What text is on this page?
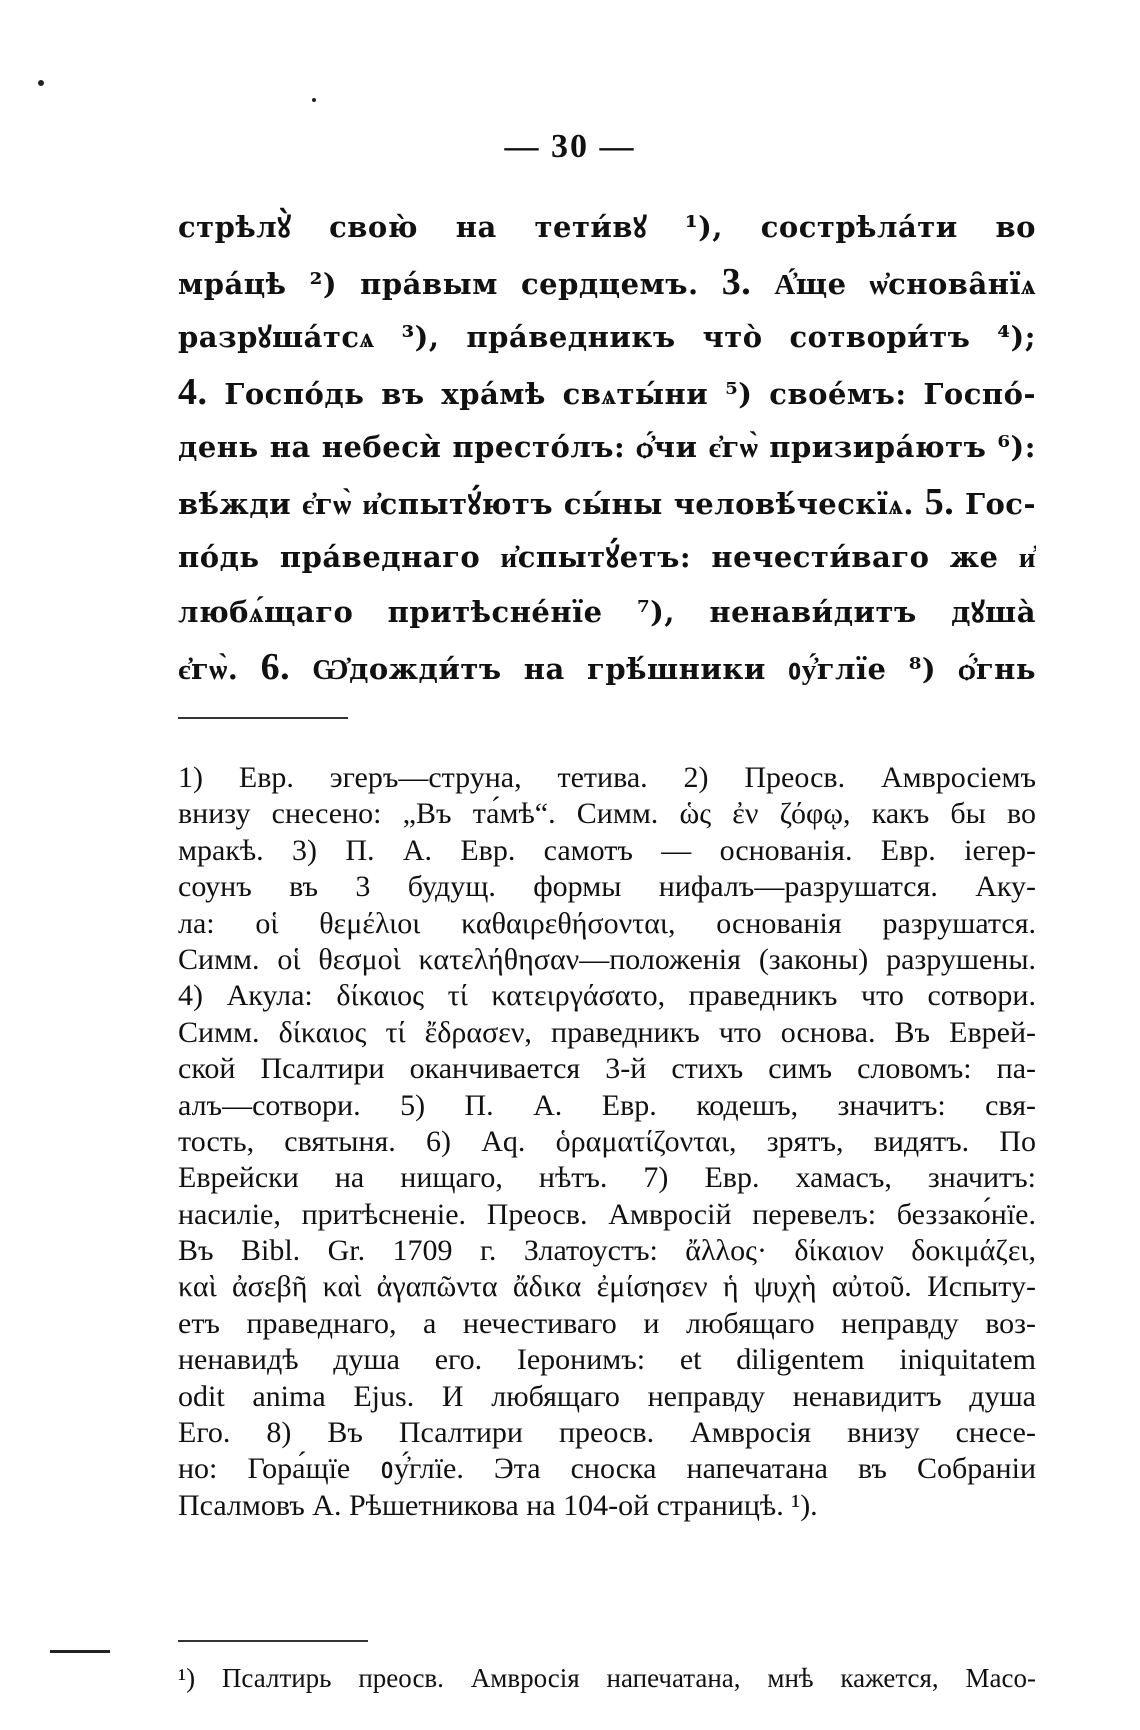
— 30 —
стрѣлꙋ̀ свою̀ на тети́вꙋ ¹), сострѣла́ти во
мра́цѣ ²) пра́вым сердцемъ. 3. А҆́ще ѡ҆снова̑нїѧ
разрꙋша́тсѧ ³), пра́ведникъ что̀ сотвори́тъ ⁴);
4. Госпо́дь въ хра́мѣ свѧты́ни ⁵) свое́мъ: Госпо́-
день на небесѝ престо́лъ: ѻ҆́чи є҆гѡ̀ призира́ютъ ⁶):
вѣ́жди є҆гѡ̀ и҆спытꙋ́ютъ сы́ны человѣ́ческїѧ. 5. Гос-
по́дь пра́веднаго и҆спытꙋ́етъ: нечести́ваго же и҆
любѧ́щаго притѣсне́нїе ⁷), ненави́дитъ дꙋша̀
є҆гѡ̀. 6. Ѡ҆дожди́тъ на грѣ́шники ᲂу҆́глїе ⁸) ѻ҆́гнь
1) Евр. эгеръ—струна, тетива. 2) Преосв. Амвросіемъ
внизу снесено: „Въ та́мѣ“. Симм. ὡς ἐν ζόφῳ, какъ бы во
мракѣ. 3) П. А. Евр. самотъ — основанія. Евр. іегер-
соунъ въ 3 будущ. формы нифалъ—разрушатся. Аку-
ла: οἱ θεμέλιοι καθαιρεθήσονται, основанія разрушатся.
Симм. οἱ θεσμοὶ κατελήθησαν—положенія (законы) разрушены.
4) Акула: δίκαιος τί κατειργάσατο, праведникъ что сотвори.
Симм. δίκαιος τί ἔδρασεν, праведникъ что основа. Въ Еврей-
ской Псалтири оканчивается 3-й стихъ симъ словомъ: па-
алъ—сотвори. 5) П. А. Евр. кодешъ, значитъ: свя-
тость, святыня. 6) Aq. ὁραματίζονται, зрятъ, видятъ. По
Еврейски на нищаго, нѣтъ. 7) Евр. хамасъ, значитъ:
насиліе, притѣсненіе. Преосв. Амвросій перевелъ: беззако́нїе.
Въ Bibl. Gr. 1709 г. Златоустъ: ἄλλος· δίκαιον δοκιμάζει,
καὶ ἀσεβῆ καὶ ἀγαπῶντα ἄδικα ἐμίσησεν ἡ ψυχὴ αὐτοῦ. Испыту-
етъ праведнаго, а нечестиваго и любящаго неправду воз-
ненавидѣ душа его. Іеронимъ: et diligentem iniquitatem
odit anima Ejus. И любящаго неправду ненавидитъ душа
Его. 8) Въ Псалтири преосв. Амвросія внизу снесе-
но: Гора́щїе ᲂу҆́глїе. Эта сноска напечатана въ Собраніи
Псалмовъ А. Рѣшетникова на 104-ой страницѣ. ¹).
¹) Псалтирь преосв. Амвросія напечатана, мнѣ кажется, Масо-
